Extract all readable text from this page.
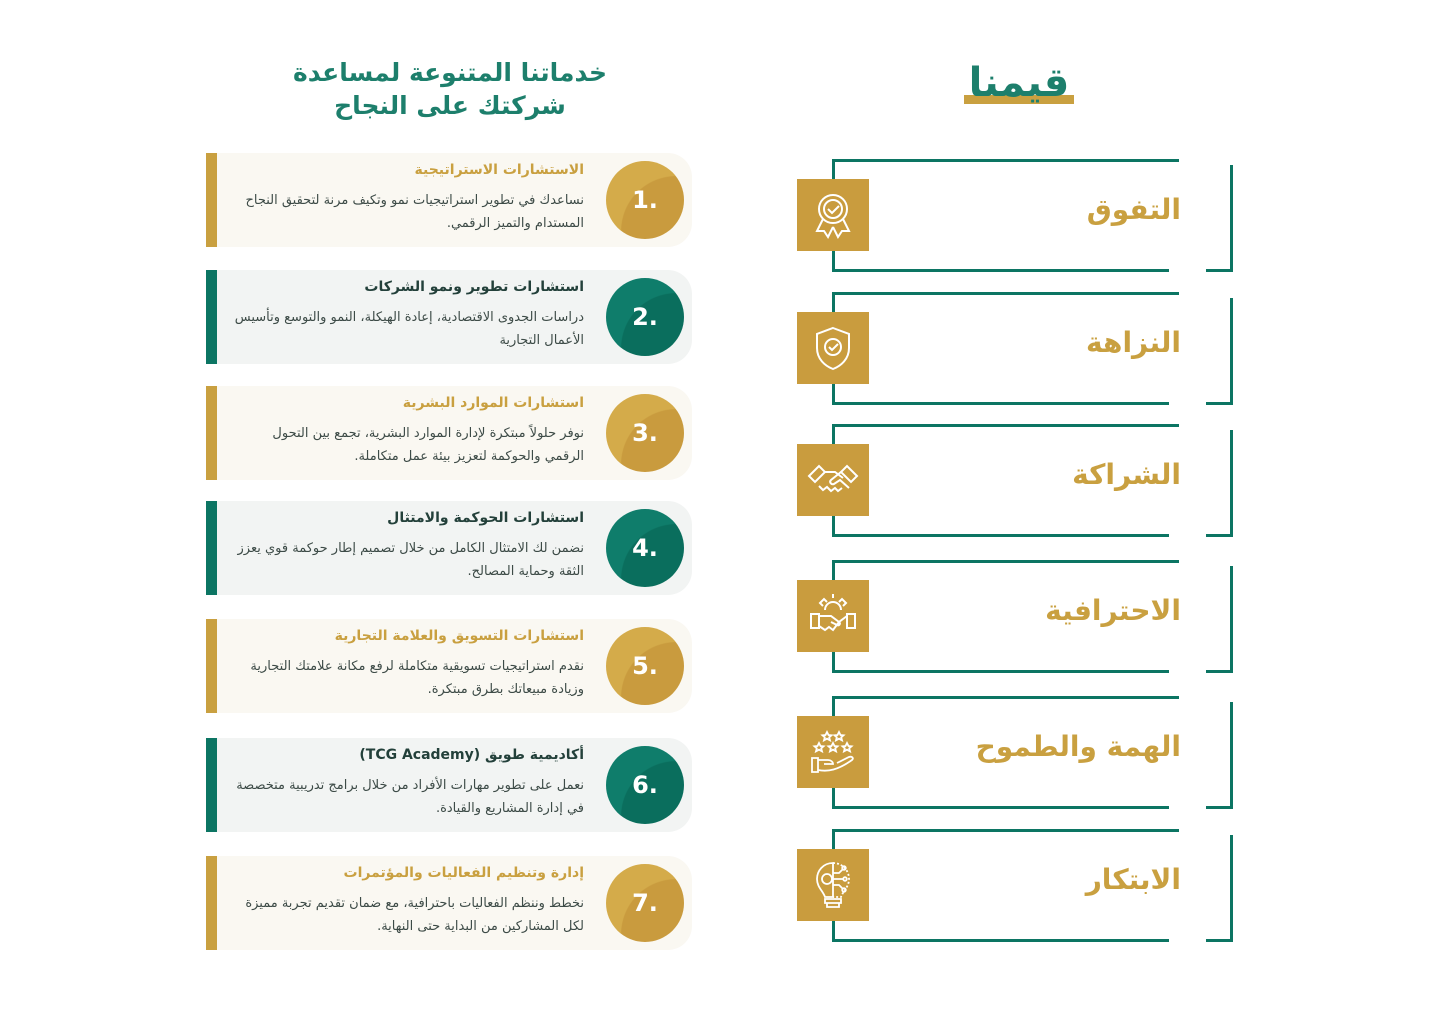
خدماتنا المتنوعة لمساعدة
شركتك على النجاح
1.
الاستشارات الاستراتيجية
نساعدك في تطوير استراتيجيات نمو وتكيف مرنة لتحقيق النجاح المستدام والتميز الرقمي.
2.
استشارات تطوير ونمو الشركات
دراسات الجدوى الاقتصادية، إعادة الهيكلة، النمو والتوسع وتأسيس الأعمال التجارية
3.
استشارات الموارد البشرية
نوفر حلولاً مبتكرة لإدارة الموارد البشرية، تجمع بين التحول الرقمي والحوكمة لتعزيز بيئة عمل متكاملة.
4.
استشارات الحوكمة والامتثال
نضمن لك الامتثال الكامل من خلال تصميم إطار حوكمة قوي يعزز الثقة وحماية المصالح.
5.
استشارات التسويق والعلامة التجارية
نقدم استراتيجيات تسويقية متكاملة لرفع مكانة علامتك التجارية وزيادة مبيعاتك بطرق مبتكرة.
6.
أكاديمية طويق (TCG Academy)
نعمل على تطوير مهارات الأفراد من خلال برامج تدريبية متخصصة في إدارة المشاريع والقيادة.
7.
إدارة وتنظيم الفعاليات والمؤتمرات
نخطط وننظم الفعاليات باحترافية، مع ضمان تقديم تجربة مميزة لكل المشاركين من البداية حتى النهاية.
قيمنا
التفوق
النزاهة
الشراكة
الاحترافية
الهمة والطموح
الابتكار
